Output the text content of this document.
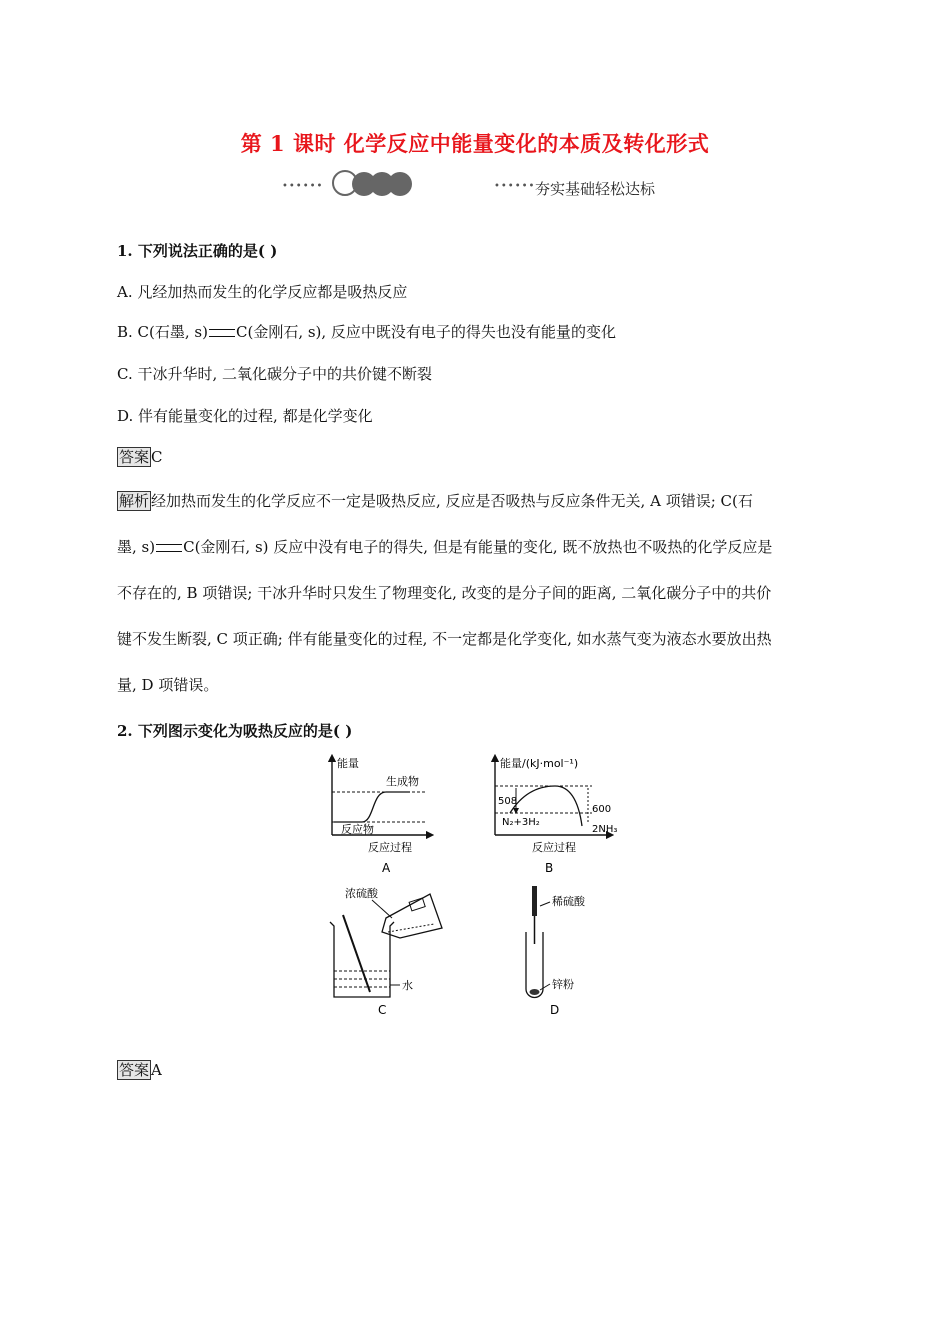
第 1 课时 化学反应中能量变化的本质及转化形式
••••••	•••••• 夯实基础轻松达标
1. 下列说法正确的是( )
A. 凡经加热而发生的化学反应都是吸热反应
B. C(石墨, s) C(金刚石, s), 反应中既没有电子的得失也没有能量的变化
C. 干冰升华时, 二氧化碳分子中的共价键不断裂
D. 伴有能量变化的过程, 都是化学变化
答案 C
解析 经加热而发生的化学反应不一定是吸热反应, 反应是否吸热与反应条件无关, A 项错误; C(石
墨, s) C(金刚石, s) 反应中没有电子的得失, 但是有能量的变化, 既不放热也不吸热的化学反应是
不存在的, B 项错误; 干冰升华时只发生了物理变化, 改变的是分子间的距离, 二氧化碳分子中的共价
键不发生断裂, C 项正确; 伴有能量变化的过程, 不一定都是化学变化, 如水蒸气变为液态水要放出热
量, D 项错误。
2. 下列图示变化为吸热反应的是( )
能量
生成物
反应物
反应过程
A
能量/(kJ·mol⁻¹)
508
600
N₂+3H₂
2NH₃
反应过程
B
浓硫酸
水
C
稀硫酸
锌粉
D
答案 A
